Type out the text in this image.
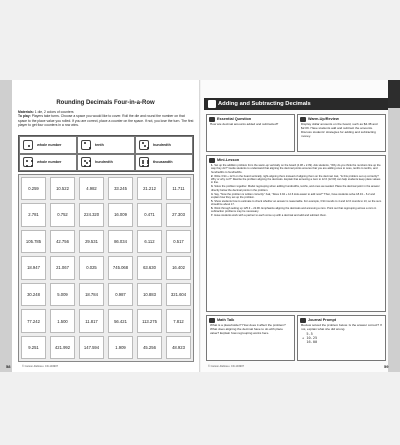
Rounding Decimals Four-in-a-Row
Materials: 1 die, 2 colors of counters
To play: Players take turns. Choose a space you would like to cover. Roll the die and round the number on that space to the place value you rolled. If you are correct, place a counter on the space. If not, you lose the turn. The first player to get four counters in a row wins.
whole number	tenth	hundredth
whole number	hundredth	thousandth
0.259	10.522	4.982	33.245	21.212	11.711
2.781	0.752	224.320	16.009	0.471	27.303
105.785	42.756	29.531	86.034	6.112	0.517
18.947	21.067	0.025	745.068	63.630	16.402
30.248	5.009	18.784	0.987	10.883	321.604
77.242	1.500	11.817	56.421	113.275	7.812
9.251	421.992	147.594	1.909	45.256	48.923
58	© Carson-Dellosa • CD-104907
Adding and Subtracting Decimals
Essential Question
How are decimal amounts added and subtracted?
Warm-Up/Review
Display dollar amounts on the board, such as $4.38 and $2.09. Have students add and subtract the amounts. Discuss students' strategies for adding and subtracting money.
Mini-Lesson
1.Set up the addition problem from the warm-up vertically on the board (4.38 + 2.09). Ask students, "Why do you think the numbers line up the way they do?" Guide students to understand that aligning the decimal points ensures that you are adding ones to ones, tenths to tenths, and hundredths to hundredths.
2.Write 3.94 + 12.6 on the board vertically, right-aligning them instead of aligning them on the decimal. Ask, "Is this problem set up correctly? Why or why not?" Rewrite the problem aligning the decimals. Explain that annexing a zero to 12.6 (12.60) can help students keep place values in line.
3.Solve the problem together. Model regrouping when adding hundredths, tenths, and ones as needed. Place the decimal point in the answer directly below the decimal points in the problem.
4.Say, "Now the problem is written correctly." Ask, "Does 3.94 + 12.6 look easier to add now?" Then, have students solve 18.43 – 6.2 and explain how they set up the problem.
5.Show students how to estimate to check whether an answer is reasonable. For example, 3.94 rounds to 4 and 12.6 rounds to 13, so the sum should be about 17.
6.Work through setting up 125.3 – 22.96. Emphasize aligning the decimals and annexing a zero. Point out that regrouping across a zero in subtraction problems may be necessary.
7.Have students work with a partner to each come up with a decimal and add and subtract them.
Math Talk
What is a placeholder? How does it affect the problem? What does aligning the decimal have to do with place value? Explain how regrouping works here.
Journal Prompt
Review solved the problem below. Is the answer correct? If not, explain what she did wrong.
5.5
+ 10.25
16.00
© Carson-Dellosa • CD-104907	59
